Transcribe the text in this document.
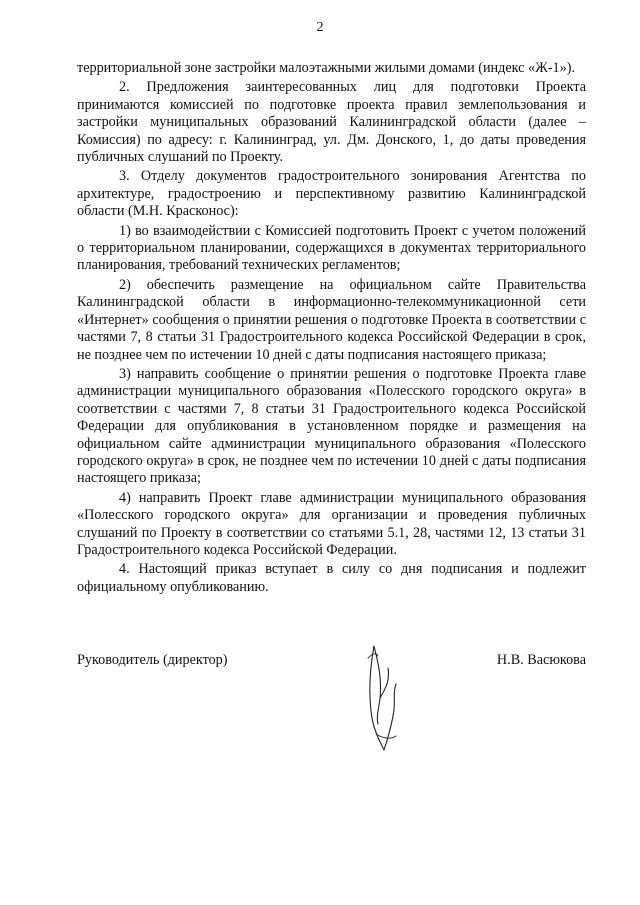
2

территориальной зоне застройки малоэтажными жилыми домами (индекс «Ж-1»).

2. Предложения заинтересованных лиц для подготовки Проекта принимаются комиссией по подготовке проекта правил землепользования и застройки муниципальных образований Калининградской области (далее – Комиссия) по адресу: г. Калининград, ул. Дм. Донского, 1, до даты проведения публичных слушаний по Проекту.

3. Отделу документов градостроительного зонирования Агентства по архитектуре, градостроению и перспективному развитию Калининградской области (М.Н. Красконос):

1) во взаимодействии с Комиссией подготовить Проект с учетом положений о территориальном планировании, содержащихся в документах территориального планирования, требований технических регламентов;

2) обеспечить размещение на официальном сайте Правительства Калининградской области в информационно-телекоммуникационной сети «Интернет» сообщения о принятии решения о подготовке Проекта в соответствии с частями 7, 8 статьи 31 Градостроительного кодекса Российской Федерации в срок, не позднее чем по истечении 10 дней с даты подписания настоящего приказа;

3) направить сообщение о принятии решения о подготовке Проекта главе администрации муниципального образования «Полесского городского округа» в соответствии с частями 7, 8 статьи 31 Градостроительного кодекса Российской Федерации для опубликования в установленном порядке и размещения на официальном сайте администрации муниципального образования «Полесского городского округа» в срок, не позднее чем по истечении 10 дней с даты подписания настоящего приказа;

4) направить Проект главе администрации муниципального образования «Полесского городского округа» для организации и проведения публичных слушаний по Проекту в соответствии со статьями 5.1, 28, частями 12, 13 статьи 31 Градостроительного кодекса Российской Федерации.

4. Настоящий приказ вступает в силу со дня подписания и подлежит официальному опубликованию.

Руководитель (директор)	Н.В. Васюкова
